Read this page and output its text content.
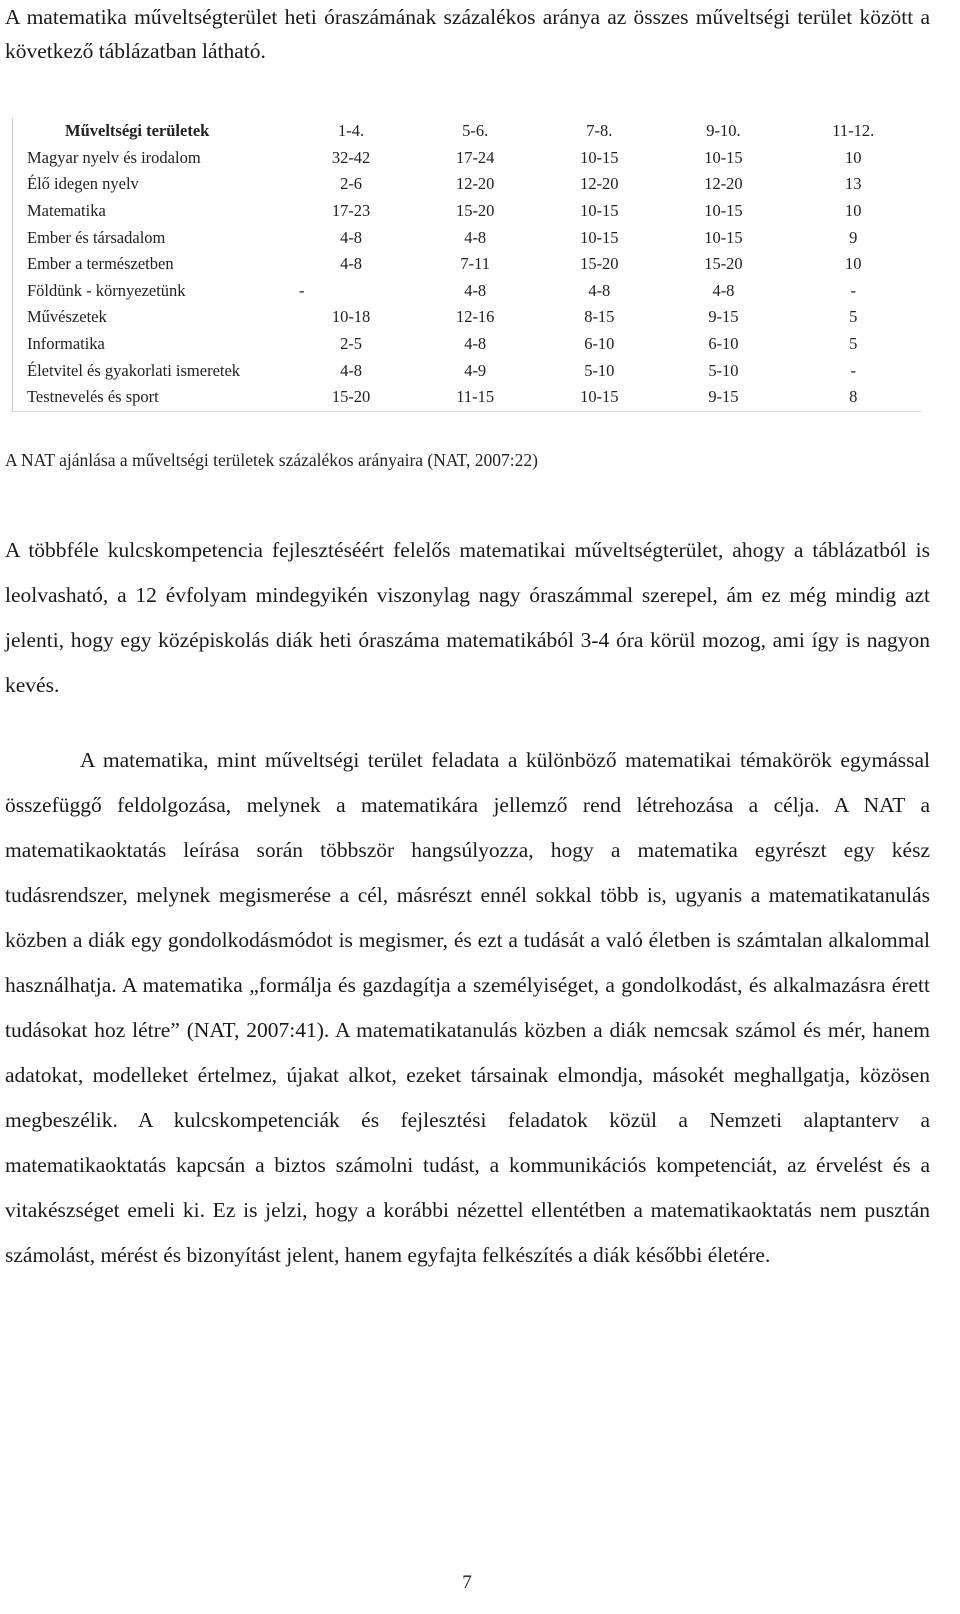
A matematika műveltségterület heti óraszámának százalékos aránya az összes műveltségi terület között a következő táblázatban látható.

Műveltségi területek	1-4.	5-6.	7-8.	9-10.	11-12.
Magyar nyelv és irodalom	32-42	17-24	10-15	10-15	10
Élő idegen nyelv	2-6	12-20	12-20	12-20	13
Matematika	17-23	15-20	10-15	10-15	10
Ember és társadalom	4-8	4-8	10-15	10-15	9
Ember a természetben	4-8	7-11	15-20	15-20	10
Földünk - környezetünk	-	4-8	4-8	4-8	-
Művészetek	10-18	12-16	8-15	9-15	5
Informatika	2-5	4-8	6-10	6-10	5
Életvitel és gyakorlati ismeretek	4-8	4-9	5-10	5-10	-
Testnevelés és sport	15-20	11-15	10-15	9-15	8
A NAT ajánlása a műveltségi területek százalékos arányaira (NAT, 2007:22)

A többféle kulcskompetencia fejlesztéséért felelős matematikai műveltségterület, ahogy a táblázatból is leolvasható, a 12 évfolyam mindegyikén viszonylag nagy óraszámmal szerepel, ám ez még mindig azt jelenti, hogy egy középiskolás diák heti óraszáma matematikából 3-4 óra körül mozog, ami így is nagyon kevés.

A matematika, mint műveltségi terület feladata a különböző matematikai témakörök egymással összefüggő feldolgozása, melynek a matematikára jellemző rend létrehozása a célja. A NAT a matematikaoktatás leírása során többször hangsúlyozza, hogy a matematika egyrészt egy kész tudásrendszer, melynek megismerése a cél, másrészt ennél sokkal több is, ugyanis a matematikatanulás közben a diák egy gondolkodásmódot is megismer, és ezt a tudását a való életben is számtalan alkalommal használhatja. A matematika „formálja és gazdagítja a személyiséget, a gondolkodást, és alkalmazásra érett tudásokat hoz létre” (NAT, 2007:41). A matematikatanulás közben a diák nemcsak számol és mér, hanem adatokat, modelleket értelmez, újakat alkot, ezeket társainak elmondja, másokét meghallgatja, közösen megbeszélik. A kulcskompetenciák és fejlesztési feladatok közül a Nemzeti alaptanterv a matematikaoktatás kapcsán a biztos számolni tudást, a kommunikációs kompetenciát, az érvelést és a vitakészséget emeli ki. Ez is jelzi, hogy a korábbi nézettel ellentétben a matematikaoktatás nem pusztán számolást, mérést és bizonyítást jelent, hanem egyfajta felkészítés a diák későbbi életére.

7
